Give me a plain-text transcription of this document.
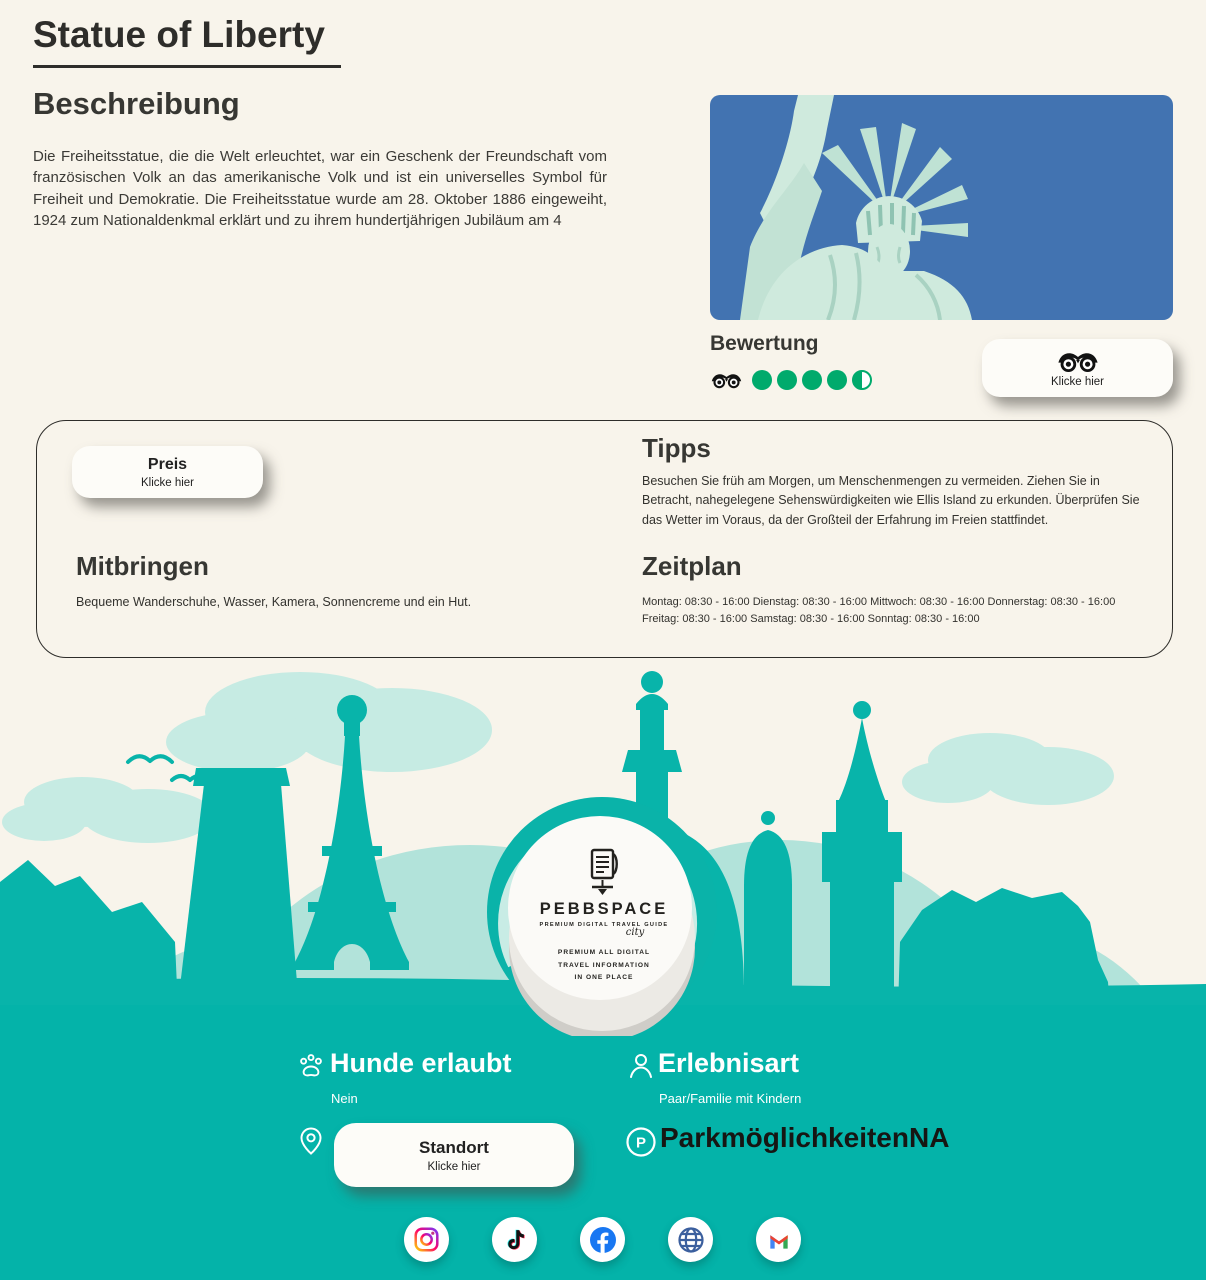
Statue of Liberty
Beschreibung
Die Freiheitsstatue, die die Welt erleuchtet, war ein Geschenk der Freundschaft vom französischen Volk an das amerikanische Volk und ist ein universelles Symbol für Freiheit und Demokratie. Die Freiheitsstatue wurde am 28. Oktober 1886 eingeweiht, 1924 zum Nationaldenkmal erklärt und zu ihrem hundertjährigen Jubiläum am 4
Bewertung
Klicke hier
Preis
Klicke hier
Tipps
Besuchen Sie früh am Morgen, um Menschenmengen zu vermeiden. Ziehen Sie in Betracht, nahegelegene Sehenswürdigkeiten wie Ellis Island zu erkunden. Überprüfen Sie das Wetter im Voraus, da der Großteil der Erfahrung im Freien stattfindet.
Mitbringen
Bequeme Wanderschuhe, Wasser, Kamera, Sonnencreme und ein Hut.
Zeitplan
Montag: 08:30 - 16:00 Dienstag: 08:30 - 16:00 Mittwoch: 08:30 - 16:00 Donnerstag: 08:30 - 16:00
Freitag: 08:30 - 16:00 Samstag: 08:30 - 16:00 Sonntag: 08:30 - 16:00
PEBBSPACE
PREMIUM DIGITAL TRAVEL GUIDE
city
PREMIUM ALL DIGITAL
TRAVEL INFORMATION
IN ONE PLACE
Hunde erlaubt
Nein
Erlebnisart
Paar/Familie mit Kindern
Standort
Klicke hier
P ParkmöglichkeitenNA
